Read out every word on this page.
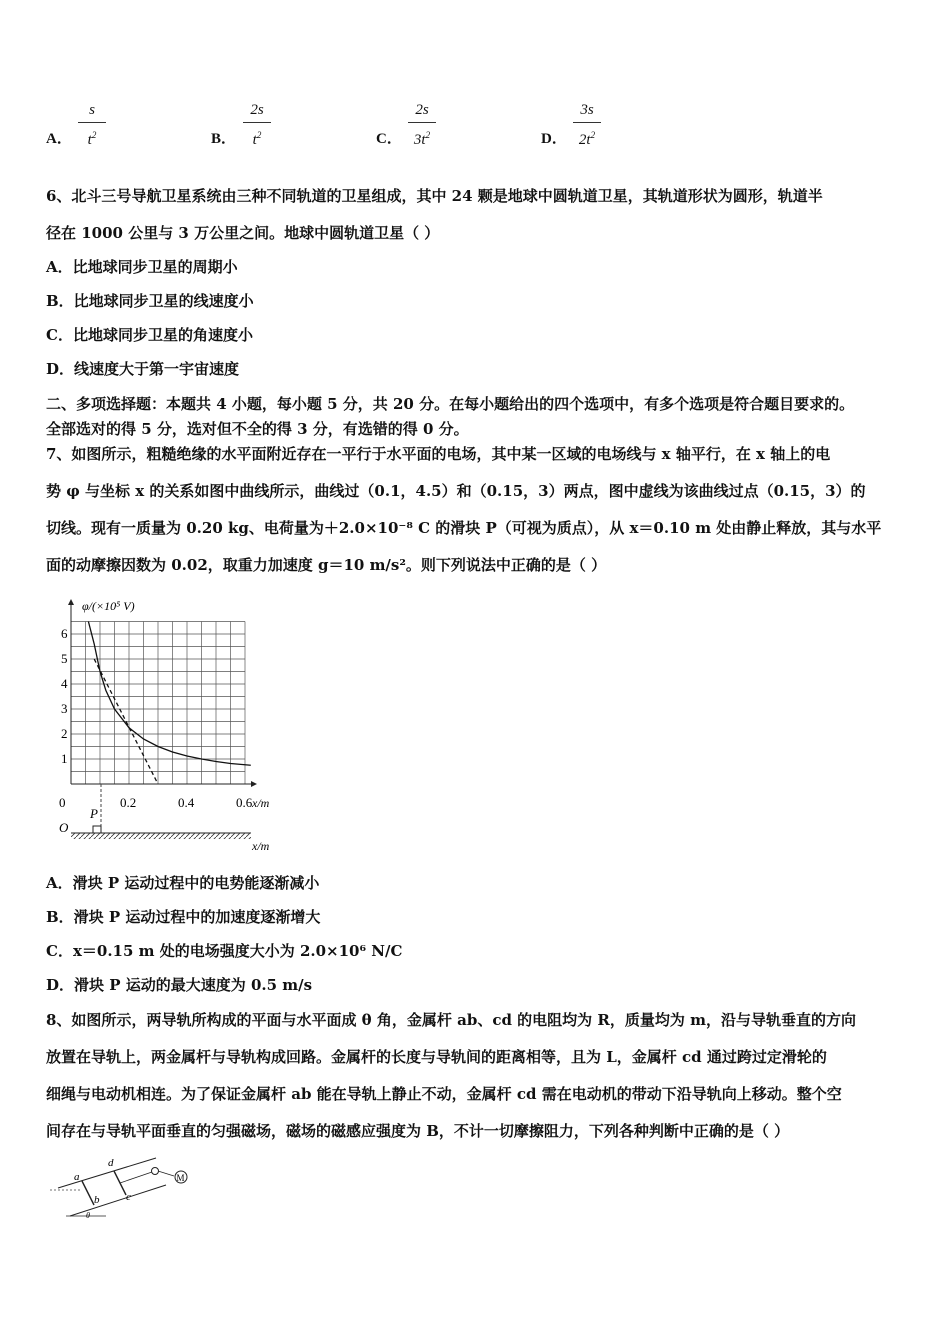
A．
s
$t^2$	B．
2s
$t^2$	C．
2s
$3t^2$	D．
3s
$2t^2$
6、北斗三号导航卫星系统由三种不同轨道的卫星组成，其中 24 颗是地球中圆轨道卫星，其轨道形状为圆形，轨道半
径在 1000 公里与 3 万公里之间。地球中圆轨道卫星（ ）
A．比地球同步卫星的周期小
B．比地球同步卫星的线速度小
C．比地球同步卫星的角速度小
D．线速度大于第一宇宙速度
二、多项选择题：本题共 4 小题，每小题 5 分，共 20 分。在每小题给出的四个选项中，有多个选项是符合题目要求的。
全部选对的得 5 分，选对但不全的得 3 分，有选错的得 0 分。
7、如图所示，粗糙绝缘的水平面附近存在一平行于水平面的电场，其中某一区域的电场线与 x 轴平行，在 x 轴上的电
势 φ 与坐标 x 的关系如图中曲线所示，曲线过（0.1，4.5）和（0.15，3）两点，图中虚线为该曲线过点（0.15，3）的
切线。现有一质量为 0.20 kg、电荷量为＋2.0×10⁻⁸ C 的滑块 P（可视为质点），从 x＝0.10 m 处由静止释放，其与水平
面的动摩擦因数为 0.02，取重力加速度 g＝10 m/s²。则下列说法中正确的是（ ）
φ/(×10⁵ V)
x/m
6
5
4
3
2
1
0.2	0.4	0.6
0
O
x/m
P
A．滑块 P 运动过程中的电势能逐渐减小
B．滑块 P 运动过程中的加速度逐渐增大
C．x＝0.15 m 处的电场强度大小为 2.0×10⁶ N/C
D．滑块 P 运动的最大速度为 0.5 m/s
8、如图所示，两导轨所构成的平面与水平面成 θ 角，金属杆 ab、cd 的电阻均为 R，质量均为 m，沿与导轨垂直的方向
放置在导轨上，两金属杆与导轨构成回路。金属杆的长度与导轨间的距离相等，且为 L，金属杆 cd 通过跨过定滑轮的
细绳与电动机相连。为了保证金属杆 ab 能在导轨上静止不动，金属杆 cd 需在电动机的带动下沿导轨向上移动。整个空
间存在与导轨平面垂直的匀强磁场，磁场的磁感应强度为 B，不计一切摩擦阻力，下列各种判断中正确的是（ ）
M
a
b c
d
θ
